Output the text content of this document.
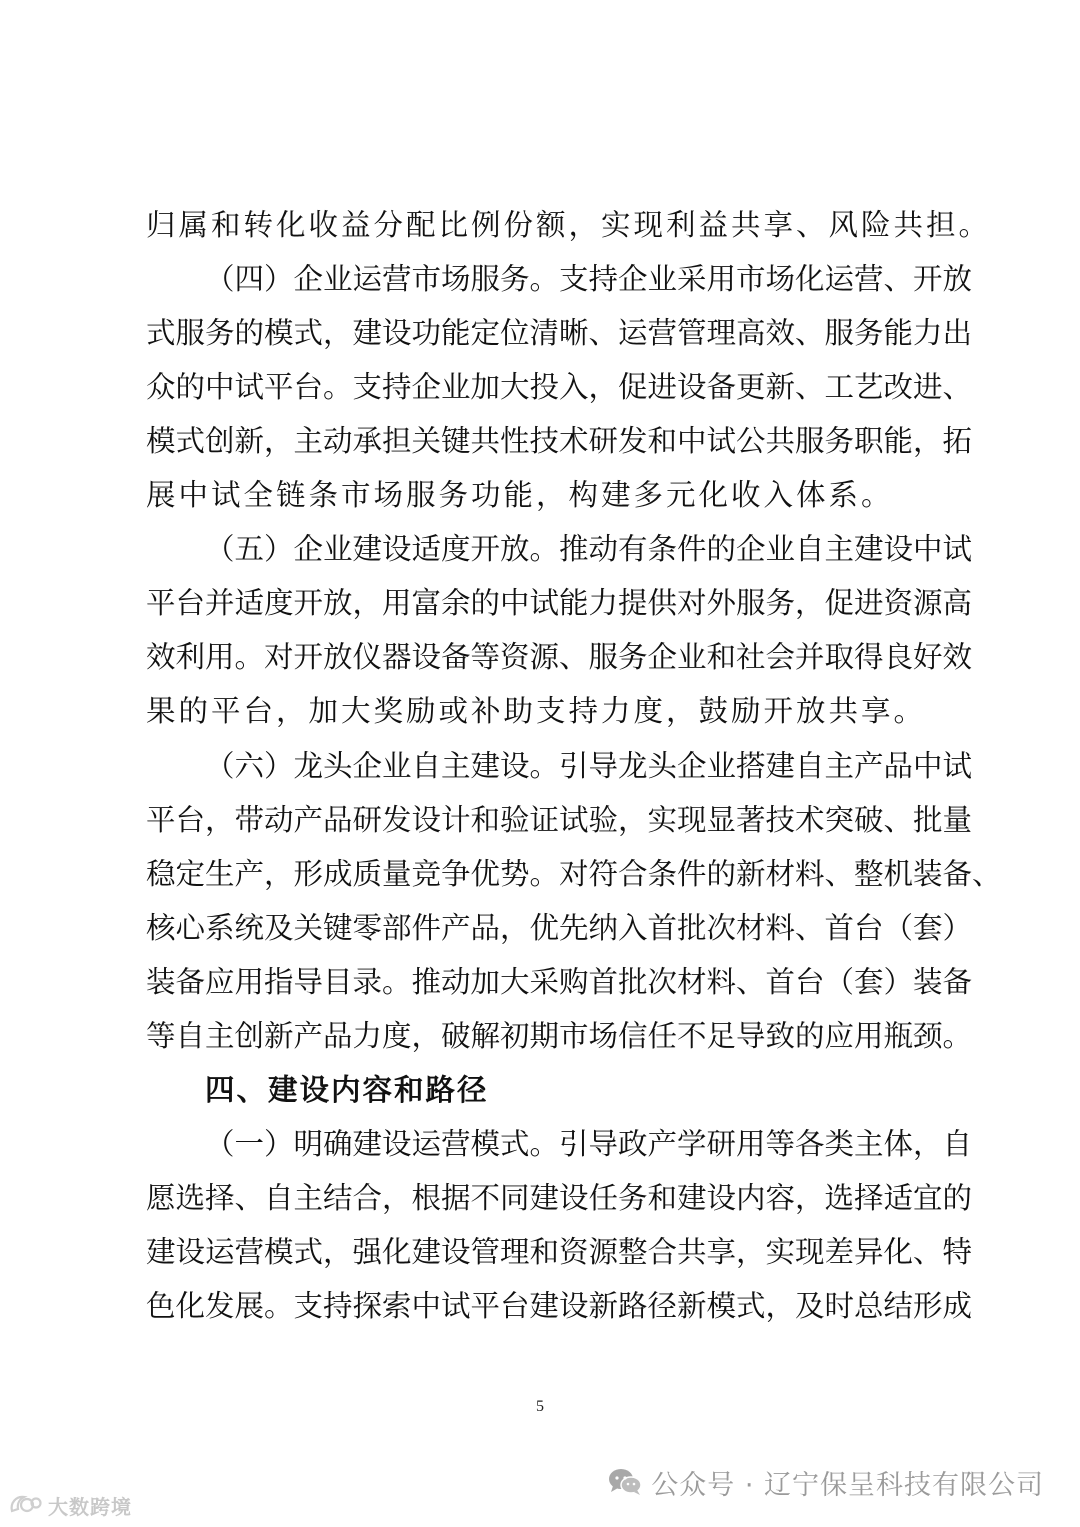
归属和转化收益分配比例份额，实现利益共享、风险共担。
（四）企业运营市场服务。支持企业采用市场化运营、开放
式服务的模式，建设功能定位清晰、运营管理高效、服务能力出
众的中试平台。支持企业加大投入，促进设备更新、工艺改进、
模式创新，主动承担关键共性技术研发和中试公共服务职能，拓
展中试全链条市场服务功能，构建多元化收入体系。
（五）企业建设适度开放。推动有条件的企业自主建设中试
平台并适度开放，用富余的中试能力提供对外服务，促进资源高
效利用。对开放仪器设备等资源、服务企业和社会并取得良好效
果的平台，加大奖励或补助支持力度，鼓励开放共享。
（六）龙头企业自主建设。引导龙头企业搭建自主产品中试
平台，带动产品研发设计和验证试验，实现显著技术突破、批量
稳定生产，形成质量竞争优势。对符合条件的新材料、整机装备、
核心系统及关键零部件产品，优先纳入首批次材料、首台（套）
装备应用指导目录。推动加大采购首批次材料、首台（套）装备
等自主创新产品力度，破解初期市场信任不足导致的应用瓶颈。
四、建设内容和路径
（一）明确建设运营模式。引导政产学研用等各类主体，自
愿选择、自主结合，根据不同建设任务和建设内容，选择适宜的
建设运营模式，强化建设管理和资源整合共享，实现差异化、特
色化发展。支持探索中试平台建设新路径新模式，及时总结形成
5
公众号 · 辽宁保呈科技有限公司
大数跨境
